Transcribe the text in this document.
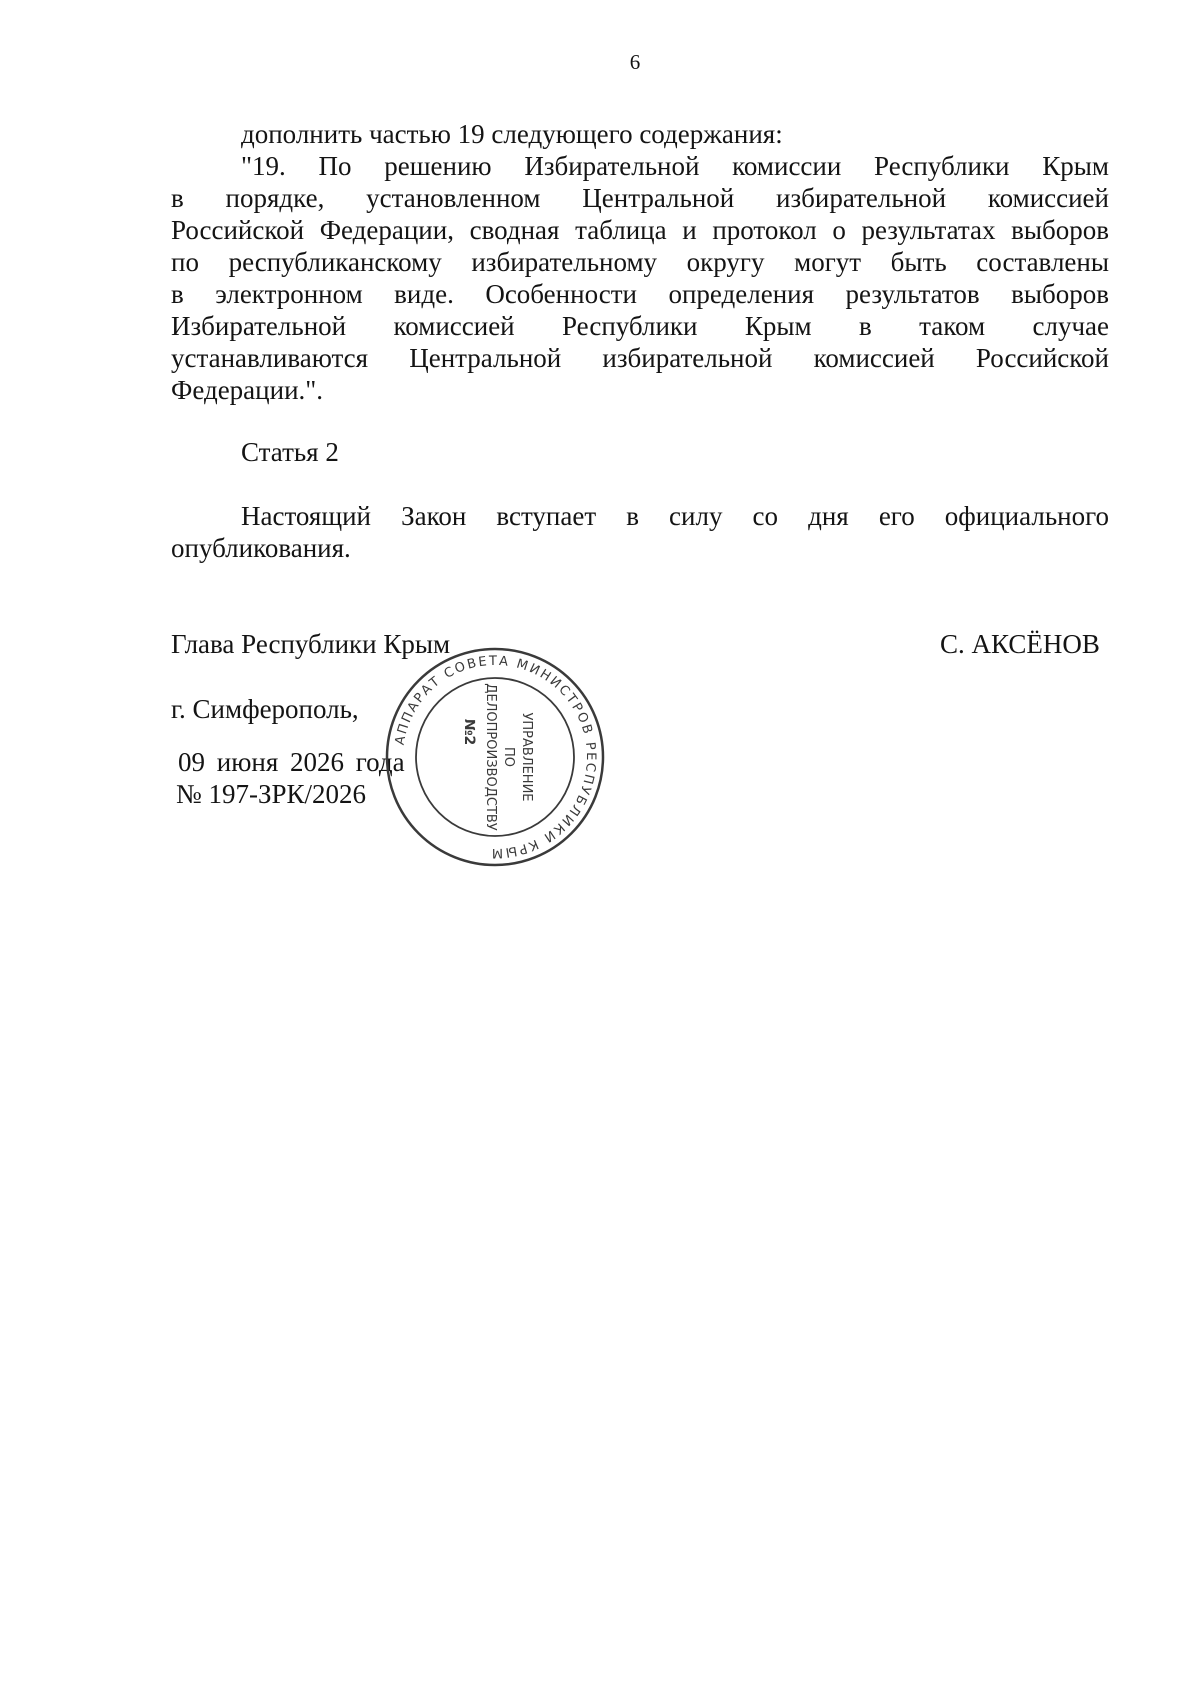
6
дополнить частью 19 следующего содержания:
"19. По решению Избирательной комиссии Республики Крым
в порядке, установленном Центральной избирательной комиссией
Российской Федерации, сводная таблица и протокол о результатах выборов
по республиканскому избирательному округу могут быть составлены
в электронном виде. Особенности определения результатов выборов
Избирательной комиссией Республики Крым в таком случае
устанавливаются Центральной избирательной комиссией Российской
Федерации.".
Статья 2
Настоящий Закон вступает в силу со дня его официального
опубликования.
Глава Республики Крым	С. АКСЁНОВ
г. Симферополь,
09 июня 2026 года
№ 197-ЗРК/2026
АППАРАТ СОВЕТА МИНИСТРОВ РЕСПУБЛИКИ КРЫМ
УПРАВЛЕНИЕ
ПО
ДЕЛОПРОИЗВОДСТВУ
№2
